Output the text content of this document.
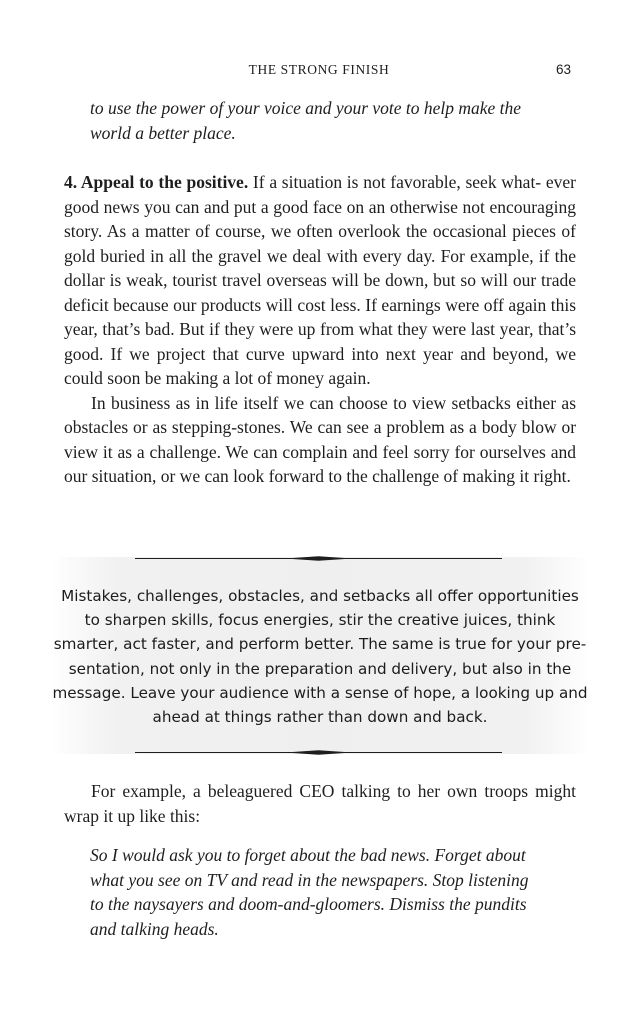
THE STRONG FINISH	63

to use the power of your voice and your vote to help make the
world a better place.

4. Appeal to the positive. If a situation is not favorable, seek what- ever good news you can and put a good face on an otherwise not encouraging story. As a matter of course, we often overlook the occasional pieces of gold buried in all the gravel we deal with every day. For example, if the dollar is weak, tourist travel overseas will be down, but so will our trade deficit because our products will cost less. If earnings were off again this year, that’s bad. But if they were up from what they were last year, that’s good. If we project that curve upward into next year and beyond, we could soon be making a lot of money again.

In business as in life itself we can choose to view setbacks either as obstacles or as stepping-stones. We can see a problem as a body blow or view it as a challenge. We can complain and feel sorry for ourselves and our situation, or we can look forward to the challenge of making it right.

Mistakes, challenges, obstacles, and setbacks all offer opportunities
to sharpen skills, focus energies, stir the creative juices, think
smarter, act faster, and perform better. The same is true for your pre-
sentation, not only in the preparation and delivery, but also in the
message. Leave your audience with a sense of hope, a looking up and
ahead at things rather than down and back.

For example, a beleaguered CEO talking to her own troops might wrap it up like this:

So I would ask you to forget about the bad news. Forget about
what you see on TV and read in the newspapers. Stop listening
to the naysayers and doom-and-gloomers. Dismiss the pundits
and talking heads.
